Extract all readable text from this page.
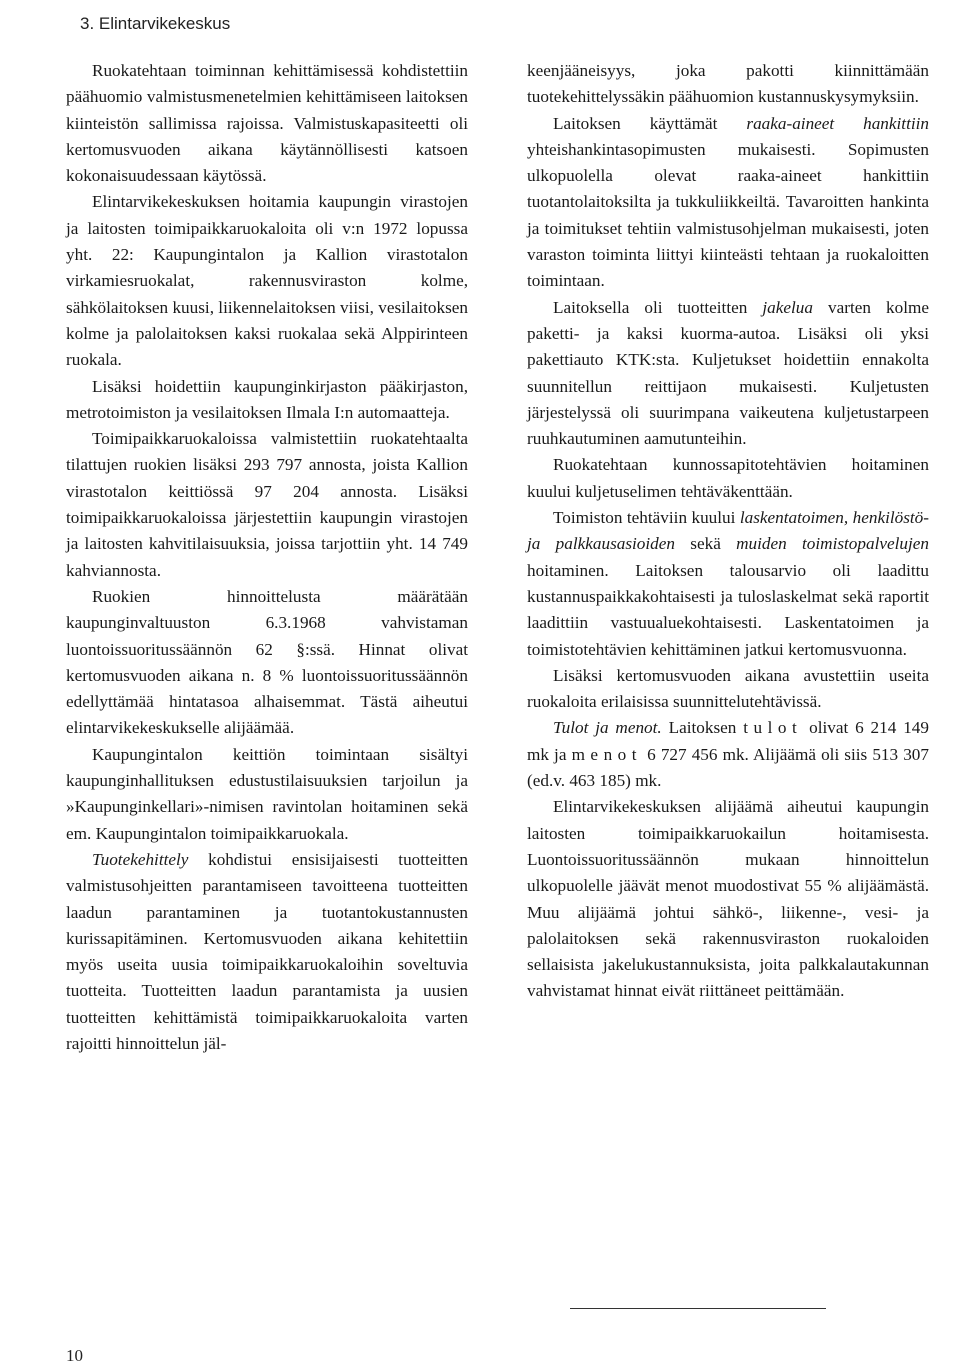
3. Elintarvikekeskus

Ruokatehtaan toiminnan kehittämisessä kohdistettiin päähuomio valmistusmenetelmien kehittämiseen laitoksen kiinteistön sallimissa rajoissa. Valmistuskapasiteetti oli kertomusvuoden aikana käytännöllisesti katsoen kokonaisuudessaan käytössä.

Elintarvikekeskuksen hoitamia kaupungin virastojen ja laitosten toimipaikkaruokaloita oli v:n 1972 lopussa yht. 22: Kaupungintalon ja Kallion virastotalon virkamiesruokalat, rakennusviraston kolme, sähkölaitoksen kuusi, liikennelaitoksen viisi, vesilaitoksen kolme ja palolaitoksen kaksi ruokalaa sekä Alppirinteen ruokala.

Lisäksi hoidettiin kaupunginkirjaston pääkirjaston, metrotoimiston ja vesilaitoksen Ilmala I:n automaatteja.

Toimipaikkaruokaloissa valmistettiin ruokatehtaalta tilattujen ruokien lisäksi 293 797 annosta, joista Kallion virastotalon keittiössä 97 204 annosta. Lisäksi toimipaikkaruokaloissa järjestettiin kaupungin virastojen ja laitosten kahvitilaisuuksia, joissa tarjottiin yht. 14 749 kahviannosta.

Ruokien hinnoittelusta määrätään kaupunginvaltuuston 6.3.1968 vahvistaman luontoissuoritussäännön 62 §:ssä. Hinnat olivat kertomusvuoden aikana n. 8 % luontoissuoritussäännön edellyttämää hintatasoa alhaisemmat. Tästä aiheutui elintarvikekeskukselle alijäämää.

Kaupungintalon keittiön toimintaan sisältyi kaupunginhallituksen edustustilaisuuksien tarjoilun ja »Kaupunginkellari»-nimisen ravintolan hoitaminen sekä em. Kaupungintalon toimipaikkaruokala.

Tuotekehittely kohdistui ensisijaisesti tuotteitten valmistusohjeitten parantamiseen tavoitteena tuotteitten laadun parantaminen ja tuotantokustannusten kurissapitäminen. Kertomusvuoden aikana kehitettiin myös useita uusia toimipaikkaruokaloihin soveltuvia tuotteita. Tuotteitten laadun parantamista ja uusien tuotteitten kehittämistä toimipaikkaruokaloita varten rajoitti hinnoittelun jäl-

keenjääneisyys, joka pakotti kiinnittämään tuotekehittelyssäkin päähuomion kustannuskysymyksiin.

Laitoksen käyttämät raaka-aineet hankittiin yhteishankintasopimusten mukaisesti. Sopimusten ulkopuolella olevat raaka-aineet hankittiin tuotantolaitoksilta ja tukkuliikkeiltä. Tavaroitten hankinta ja toimitukset tehtiin valmistusohjelman mukaisesti, joten varaston toiminta liittyi kiinteästi tehtaan ja ruokaloitten toimintaan.

Laitoksella oli tuotteitten jakelua varten kolme paketti- ja kaksi kuorma-autoa. Lisäksi oli yksi pakettiauto KTK:sta. Kuljetukset hoidettiin ennakolta suunnitellun reittijaon mukaisesti. Kuljetusten järjestelyssä oli suurimpana vaikeutena kuljetustarpeen ruuhkautuminen aamutunteihin.

Ruokatehtaan kunnossapitotehtävien hoitaminen kuului kuljetuselimen tehtäväkenttään.

Toimiston tehtäviin kuului laskentatoimen, henkilöstö- ja palkkausasioiden sekä muiden toimistopalvelujen hoitaminen. Laitoksen talousarvio oli laadittu kustannuspaikkakohtaisesti ja tuloslaskelmat sekä raportit laadittiin vastuualuekohtaisesti. Laskentatoimen ja toimistotehtävien kehittäminen jatkui kertomusvuonna.

Lisäksi kertomusvuoden aikana avustettiin useita ruokaloita erilaisissa suunnittelutehtävissä.

Tulot ja menot. Laitoksen tulot olivat 6 214 149 mk ja menot 6 727 456 mk. Alijäämä oli siis 513 307 (ed.v. 463 185) mk.

Elintarvikekeskuksen alijäämä aiheutui kaupungin laitosten toimipaikkaruokailun hoitamisesta. Luontoissuoritussäännön mukaan hinnoittelun ulkopuolelle jäävät menot muodostivat 55 % alijäämästä. Muu alijäämä johtui sähkö-, liikenne-, vesi- ja palolaitoksen sekä rakennusviraston ruokaloiden sellaisista jakelukustannuksista, joita palkkalautakunnan vahvistamat hinnat eivät riittäneet peittämään.

10
